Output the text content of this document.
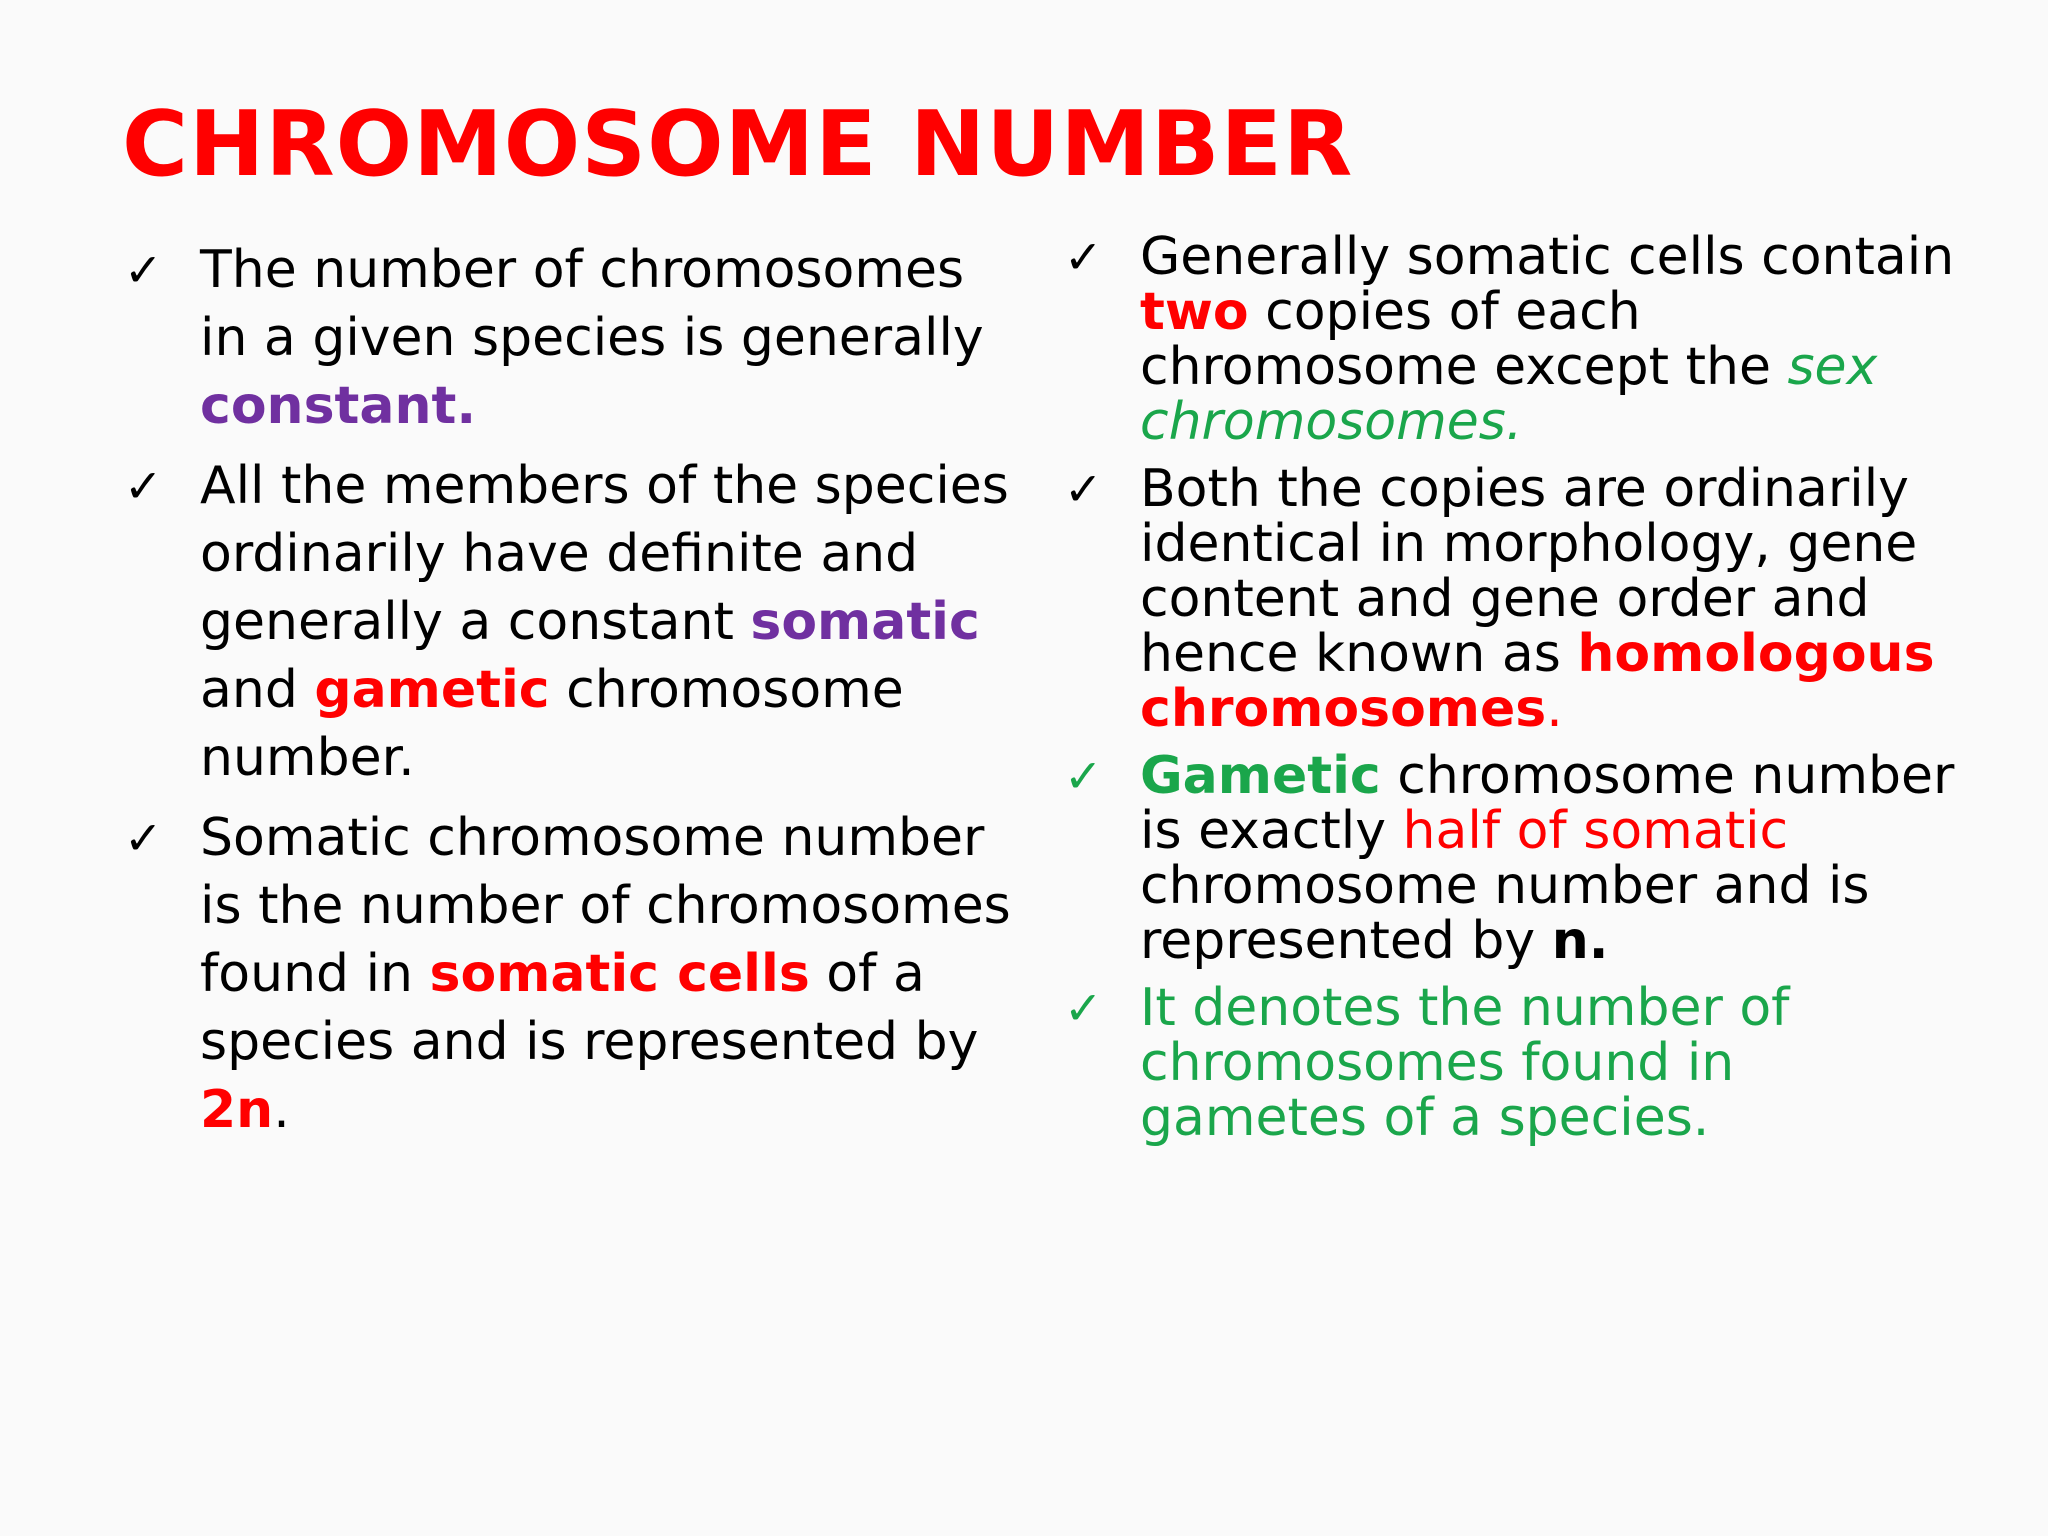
CHROMOSOME NUMBER
✓ The number of chromosomes in a given species is generally constant.
✓ All the members of the species ordinarily have definite and generally a constant somatic and gametic chromosome number.
✓ Somatic chromosome number is the number of chromosomes found in somatic cells of a species and is represented by 2n.
✓ Generally somatic cells contain two copies of each chromosome except the sex chromosomes.
✓ Both the copies are ordinarily identical in morphology, gene content and gene order and hence known as homologous chromosomes.
✓ Gametic chromosome number is exactly half of somatic chromosome number and is represented by n.
✓ It denotes the number of chromosomes found in gametes of a species.
